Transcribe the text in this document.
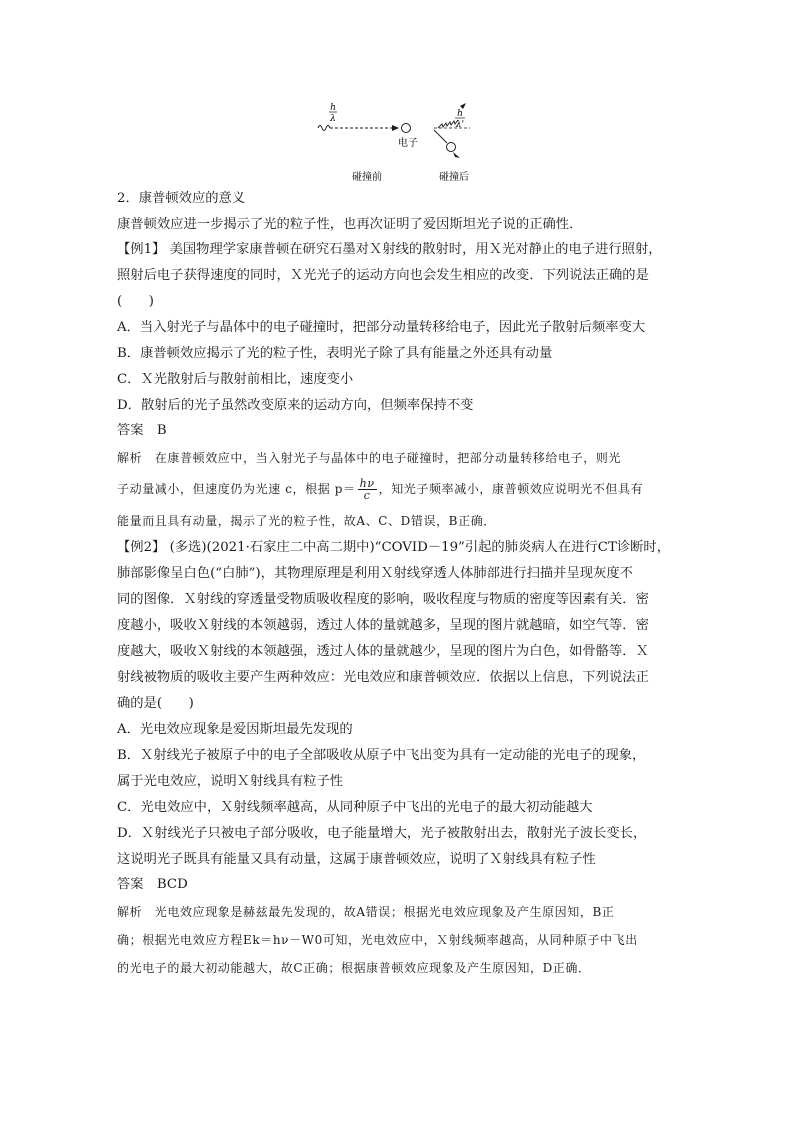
h
λ
电子
h
λ'
碰撞前	碰撞后
2．康普顿效应的意义
康普顿效应进一步揭示了光的粒子性，也再次证明了爱因斯坦光子说的正确性．
【例1】 美国物理学家康普顿在研究石墨对Ｘ射线的散射时，用Ｘ光对静止的电子进行照射，
照射后电子获得速度的同时，Ｘ光光子的运动方向也会发生相应的改变．下列说法正确的是
(　　)
A．当入射光子与晶体中的电子碰撞时，把部分动量转移给电子，因此光子散射后频率变大
B．康普顿效应揭示了光的粒子性，表明光子除了具有能量之外还具有动量
C．Ｘ光散射后与散射前相比，速度变小
D．散射后的光子虽然改变原来的运动方向，但频率保持不变
答案　B
解析　在康普顿效应中，当入射光子与晶体中的电子碰撞时，把部分动量转移给电子，则光
子动量减小，但速度仍为光速 c，根据 $p= \frac{h\nu}{c}$ ，知光子频率减小，康普顿效应说明光不但具有
能量而且具有动量，揭示了光的粒子性，故A、C、D错误，B正确．
【例2】 (多选)(2021·石家庄二中高二期中)“COVID－19”引起的肺炎病人在进行CT诊断时，
肺部影像呈白色(“白肺”)，其物理原理是利用Ｘ射线穿透人体肺部进行扫描并呈现灰度不
同的图像．Ｘ射线的穿透量受物质吸收程度的影响，吸收程度与物质的密度等因素有关．密
度越小，吸收Ｘ射线的本领越弱，透过人体的量就越多，呈现的图片就越暗，如空气等．密
度越大，吸收Ｘ射线的本领越强，透过人体的量就越少，呈现的图片为白色，如骨骼等．Ｘ
射线被物质的吸收主要产生两种效应：光电效应和康普顿效应．依据以上信息，下列说法正
确的是(　　)
A．光电效应现象是爱因斯坦最先发现的
B．Ｘ射线光子被原子中的电子全部吸收从原子中飞出变为具有一定动能的光电子的现象，
属于光电效应，说明Ｘ射线具有粒子性
C．光电效应中，Ｘ射线频率越高，从同种原子中飞出的光电子的最大初动能越大
D．Ｘ射线光子只被电子部分吸收，电子能量增大，光子被散射出去，散射光子波长变长，
这说明光子既具有能量又具有动量，这属于康普顿效应，说明了Ｘ射线具有粒子性
答案　BCD
解析　光电效应现象是赫兹最先发现的，故A错误；根据光电效应现象及产生原因知，B正
确；根据光电效应方程Ek＝hν－W0可知，光电效应中，Ｘ射线频率越高，从同种原子中飞出
的光电子的最大初动能越大，故C正确；根据康普顿效应现象及产生原因知，D正确．
